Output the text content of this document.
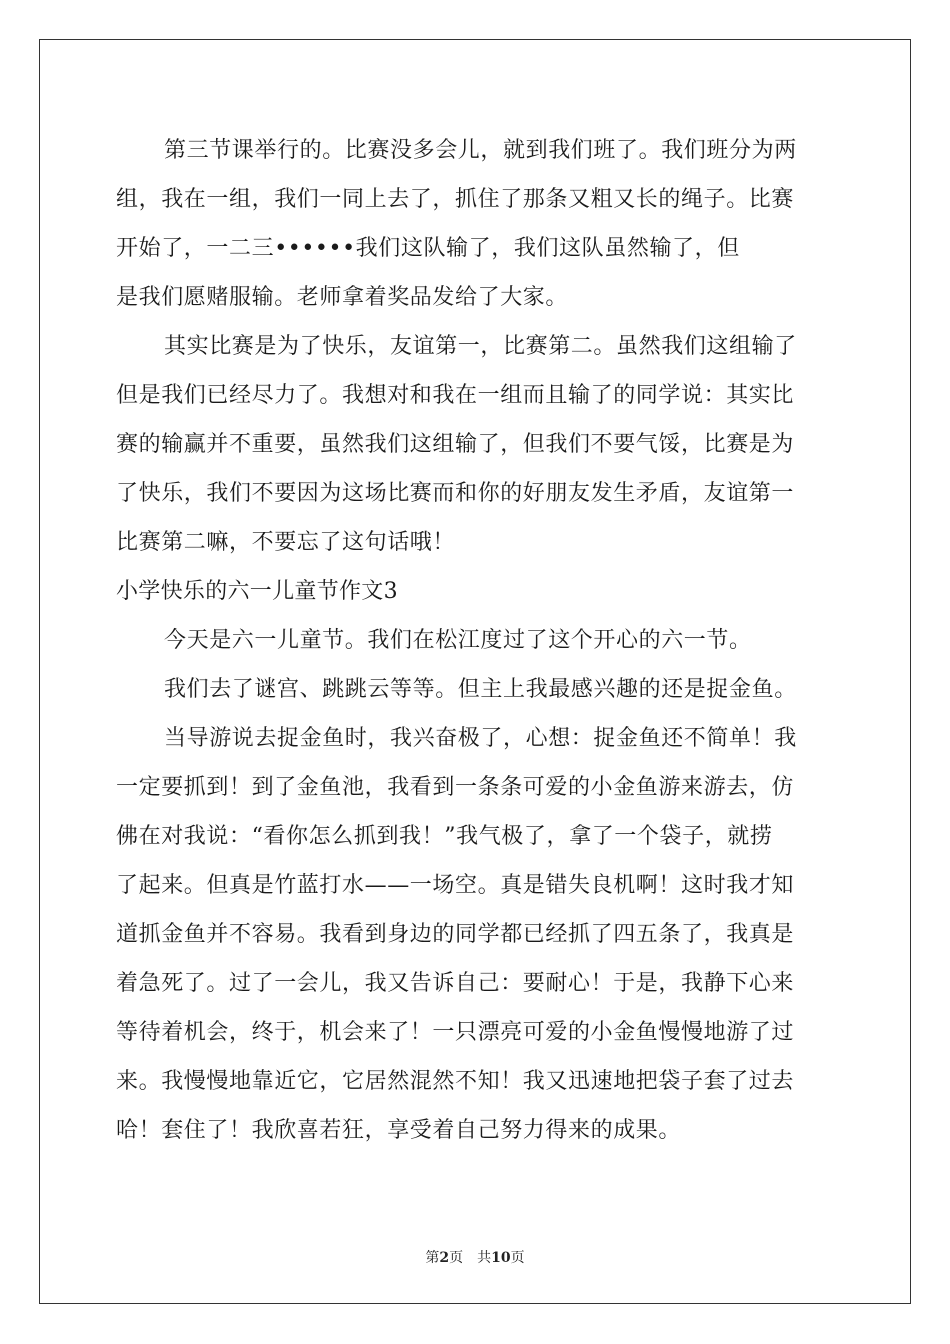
第三节课举行的。比赛没多会儿，就到我们班了。我们班分为两
组，我在一组，我们一同上去了，抓住了那条又粗又长的绳子。比赛
开始了，一二三••••••我们这队输了，我们这队虽然输了，但
是我们愿赌服输。老师拿着奖品发给了大家。
其实比赛是为了快乐，友谊第一，比赛第二。虽然我们这组输了
但是我们已经尽力了。我想对和我在一组而且输了的同学说：其实比
赛的输赢并不重要，虽然我们这组输了，但我们不要气馁，比赛是为
了快乐，我们不要因为这场比赛而和你的好朋友发生矛盾，友谊第一
比赛第二嘛，不要忘了这句话哦！
小学快乐的六一儿童节作文3
今天是六一儿童节。我们在松江度过了这个开心的六一节。
我们去了谜宫、跳跳云等等。但主上我最感兴趣的还是捉金鱼。
当导游说去捉金鱼时，我兴奋极了，心想：捉金鱼还不简单！我
一定要抓到！到了金鱼池，我看到一条条可爱的小金鱼游来游去，仿
佛在对我说：“看你怎么抓到我！”我气极了，拿了一个袋子，就捞
了起来。但真是竹蓝打水——一场空。真是错失良机啊！这时我才知
道抓金鱼并不容易。我看到身边的同学都已经抓了四五条了，我真是
着急死了。过了一会儿，我又告诉自己：要耐心！于是，我静下心来
等待着机会，终于，机会来了！一只漂亮可爱的小金鱼慢慢地游了过
来。我慢慢地靠近它，它居然混然不知！我又迅速地把袋子套了过去
哈！套住了！我欣喜若狂，享受着自己努力得来的成果。
第2页 共10页
